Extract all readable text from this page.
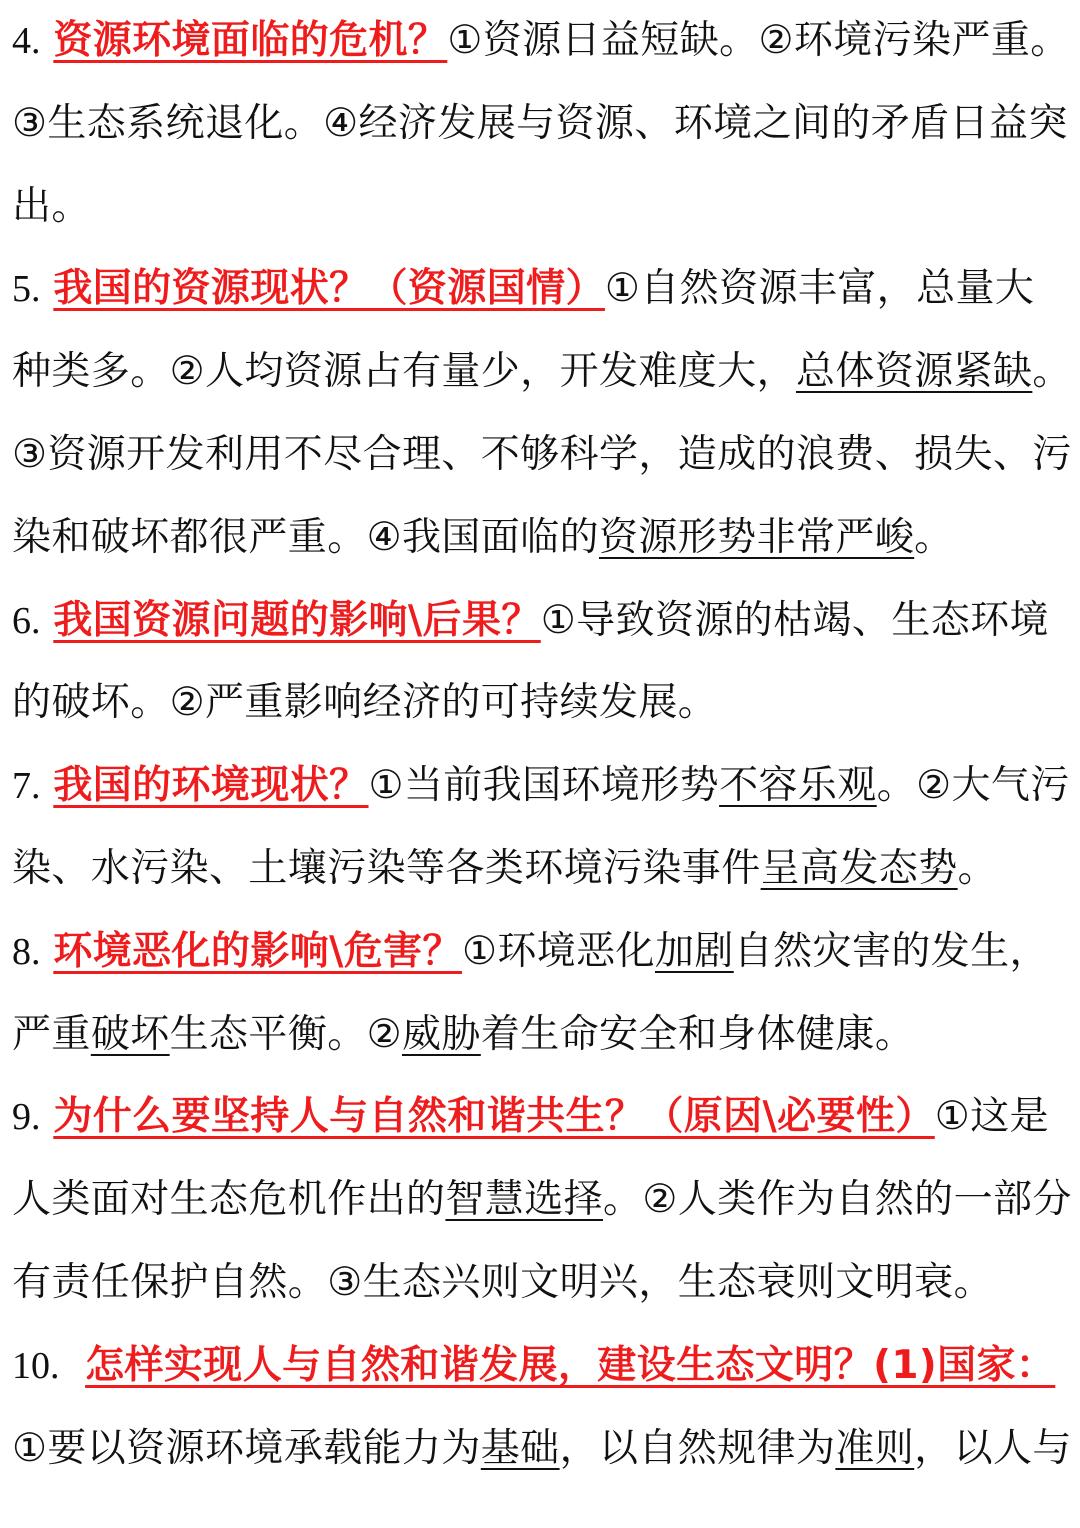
4. 资源环境面临的危机？①资源日益短缺。②环境污染严重。③生态系统退化。④经济发展与资源、环境之间的矛盾日益突出。

5. 我国的资源现状？（资源国情）①自然资源丰富，总量大种类多。②人均资源占有量少，开发难度大，总体资源紧缺。③资源开发利用不尽合理、不够科学，造成的浪费、损失、污染和破坏都很严重。④我国面临的资源形势非常严峻。

6. 我国资源问题的影响\后果？①导致资源的枯竭、生态环境的破坏。②严重影响经济的可持续发展。

7. 我国的环境现状？①当前我国环境形势不容乐观。②大气污染、水污染、土壤污染等各类环境污染事件呈高发态势。

8. 环境恶化的影响\危害？①环境恶化加剧自然灾害的发生，严重破坏生态平衡。②威胁着生命安全和身体健康。

9. 为什么要坚持人与自然和谐共生？（原因\必要性）①这是人类面对生态危机作出的智慧选择。②人类作为自然的一部分有责任保护自然。③生态兴则文明兴，生态衰则文明衰。

10. 怎样实现人与自然和谐发展，建设生态文明？(1)国家：①要以资源环境承载能力为基础，以自然规律为准则，以人与
